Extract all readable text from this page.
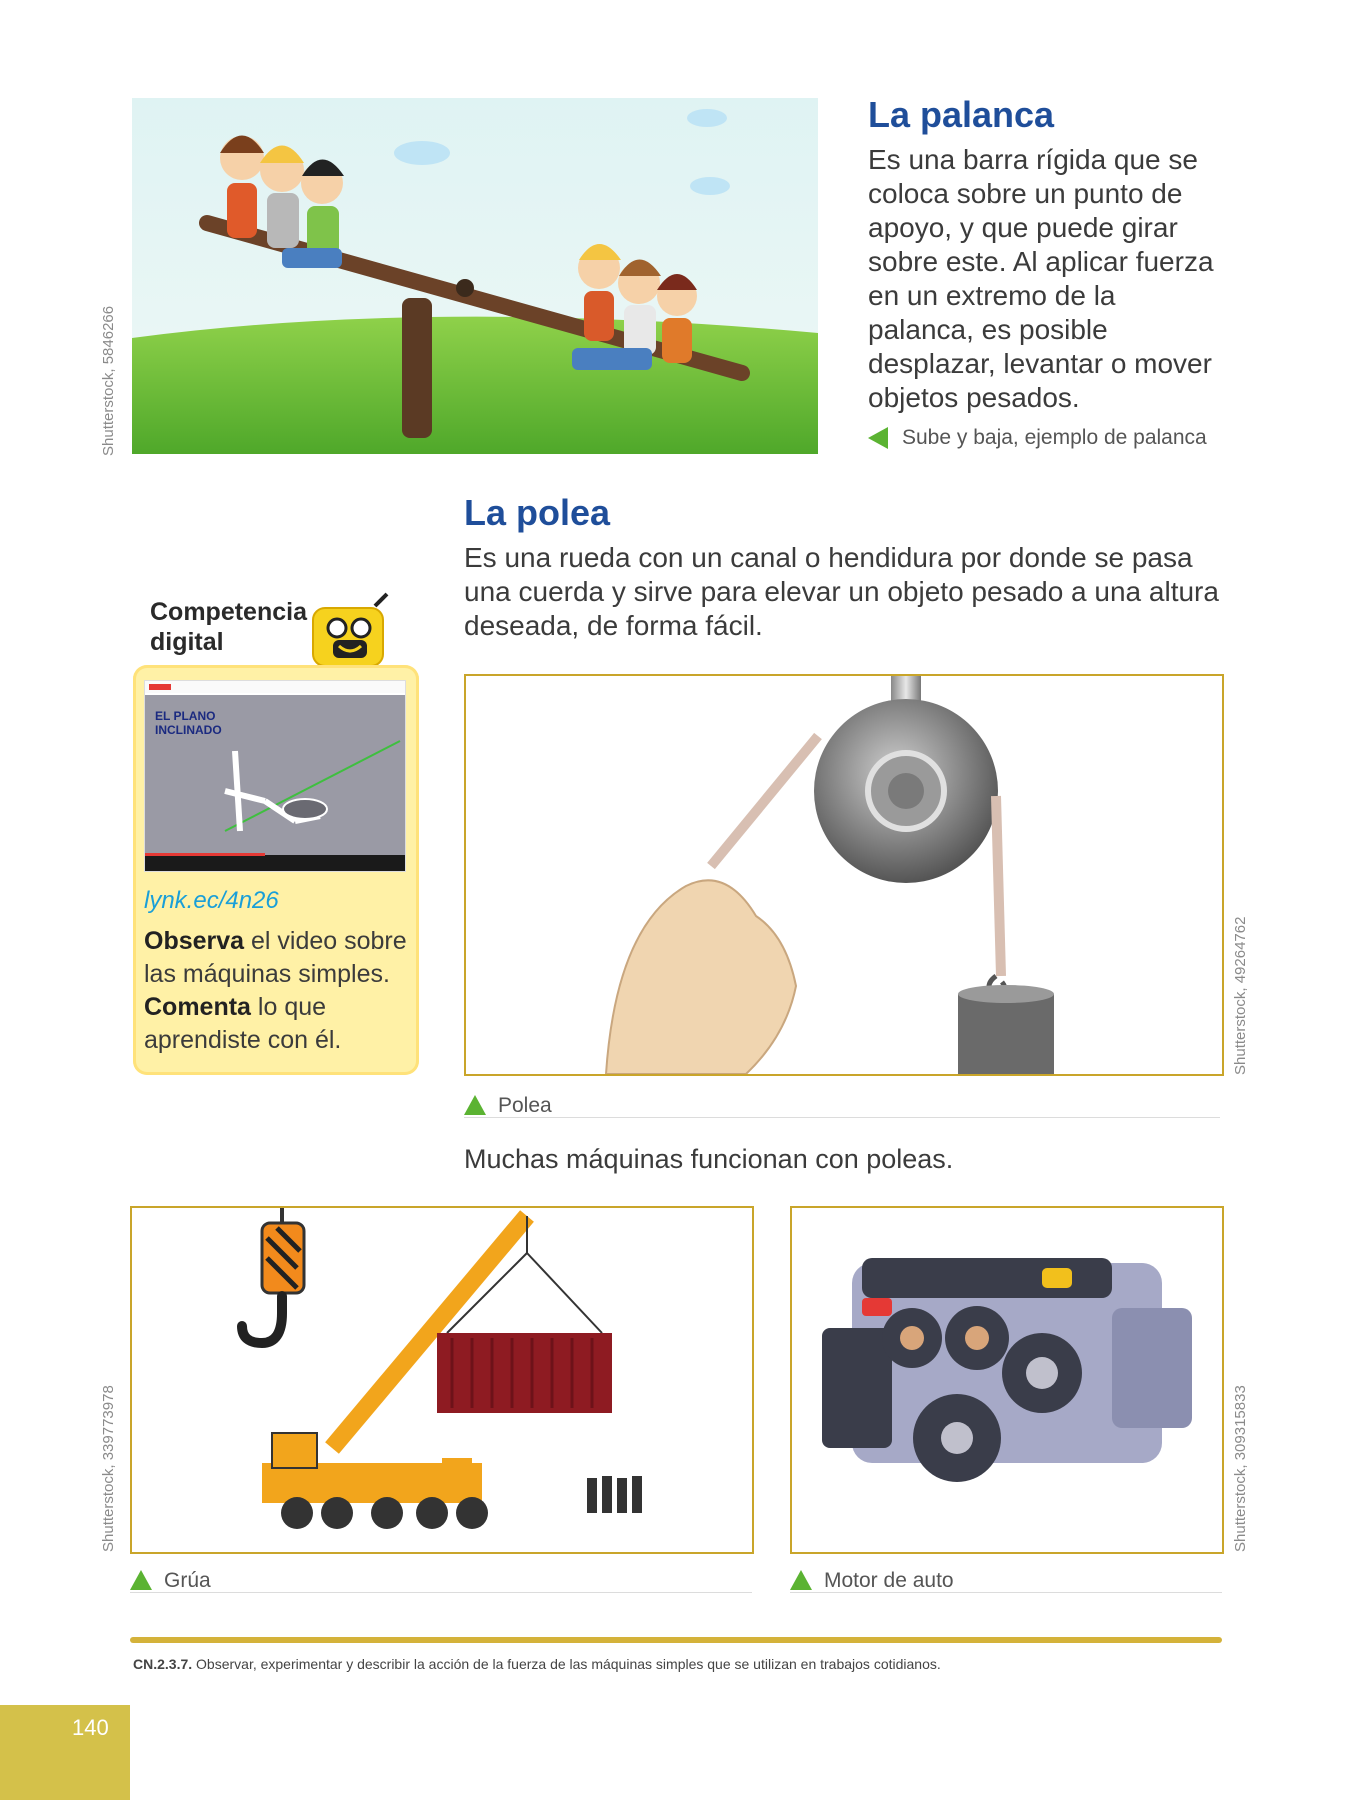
Shutterstock, 5846266
La palanca
Es una barra rígida que se coloca sobre un punto de apoyo, y que puede girar sobre este. Al aplicar fuerza en un extremo de la palanca, es posible desplazar, levantar o mover objetos pesados.
Sube y baja, ejemplo de palanca
La polea
Es una rueda con un canal o hendidura por donde se pasa una cuerda y sirve para elevar un objeto pesado a una altura deseada, de forma fácil.
Competencia
digital
EL PLANO INCLINADO
lynk.ec/4n26
Observa el video sobre las máquinas simples.
Comenta lo que aprendiste con él.	Shutterstock, 49264762
Polea
Muchas máquinas funcionan con poleas.
Shutterstock, 339773978
Grúa
Shutterstock, 309315833
Motor de auto
CN.2.3.7. Observar, experimentar y describir la acción de la fuerza de las máquinas simples que se utilizan en trabajos cotidianos.
140
